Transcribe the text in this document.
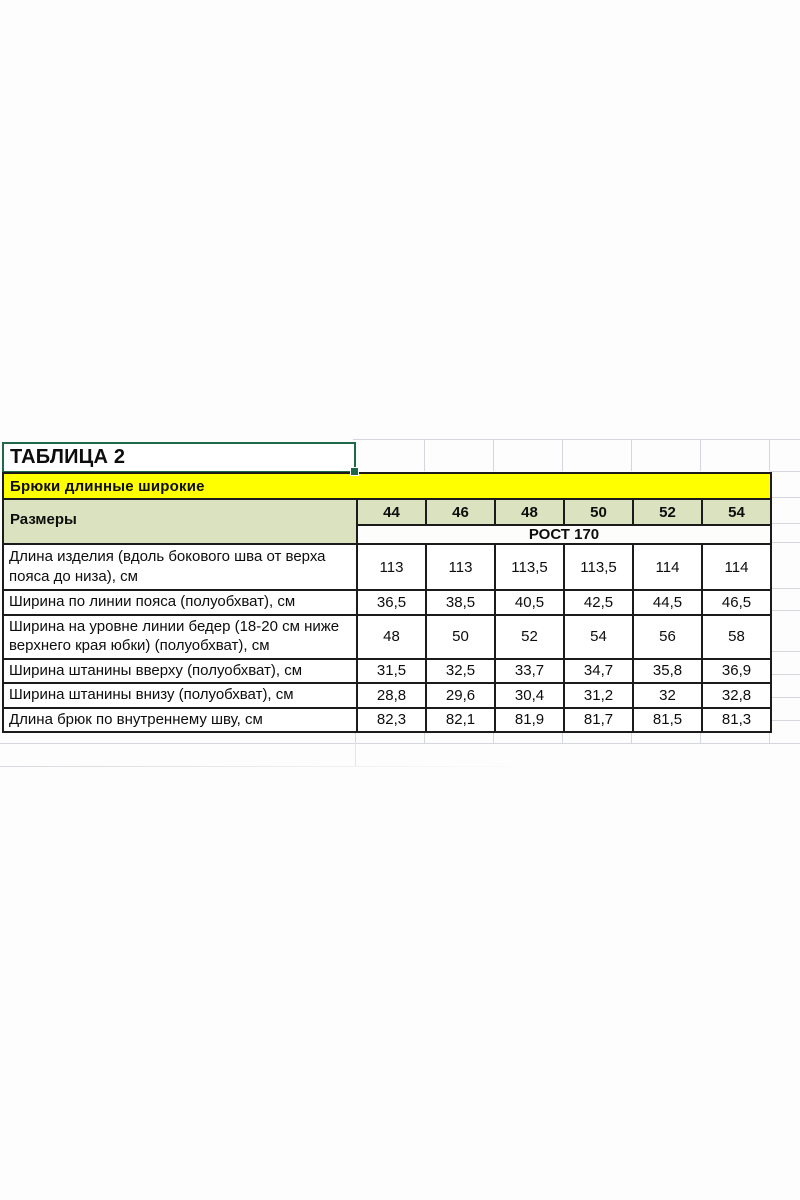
ТАБЛИЦА 2
Брюки длинные широкие						
Размеры	44	46	48	50	52	54
	РОСТ 170					
Длина изделия (вдоль бокового шва от верха пояса до низа), см	113	113	113,5	113,5	114	114
Ширина по линии пояса (полуобхват), см	36,5	38,5	40,5	42,5	44,5	46,5
Ширина на уровне линии бедер (18-20 см ниже верхнего края юбки) (полуобхват), см	48	50	52	54	56	58
Ширина штанины вверху (полуобхват), см	31,5	32,5	33,7	34,7	35,8	36,9
Ширина штанины внизу (полуобхват), см	28,8	29,6	30,4	31,2	32	32,8
Длина брюк по внутреннему шву, см	82,3	82,1	81,9	81,7	81,5	81,3
